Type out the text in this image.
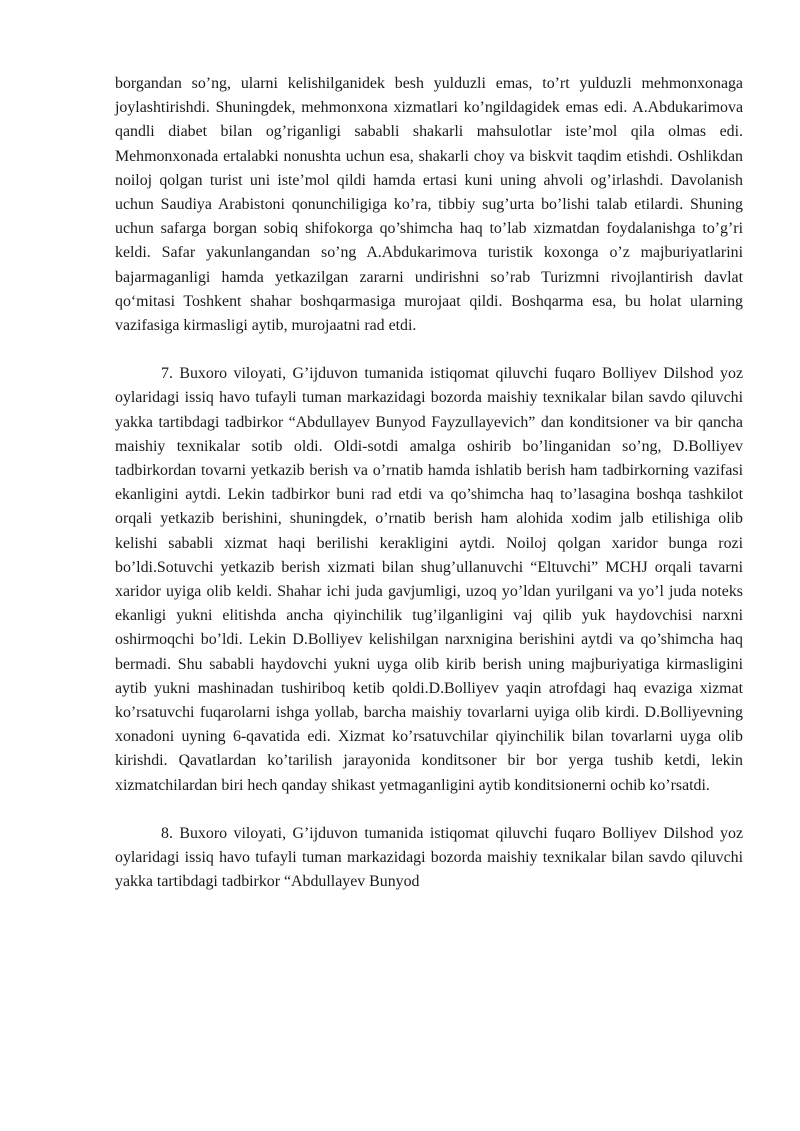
borgandan so’ng, ularni kelishilganidek besh yulduzli emas, to’rt yulduzli mehmonxonaga joylashtirishdi. Shuningdek, mehmonxona xizmatlari ko’ngildagidek emas edi. A.Abdukarimova qandli diabet bilan og’riganligi sababli shakarli mahsulotlar iste’mol qila olmas edi. Mehmonxonada ertalabki nonushta uchun esa, shakarli choy va biskvit taqdim etishdi. Oshlikdan noiloj qolgan turist uni iste’mol qildi hamda ertasi kuni uning ahvoli og’irlashdi. Davolanish uchun Saudiya Arabistoni qonunchiligiga ko’ra, tibbiy sug’urta bo’lishi talab etilardi. Shuning uchun safarga borgan sobiq shifokorga qo’shimcha haq to’lab xizmatdan foydalanishga to’g’ri keldi. Safar yakunlangandan so’ng A.Abdukarimova turistik koxonga o’z majburiyatlarini bajarmaganligi hamda yetkazilgan zararni undirishni so’rab Turizmni rivojlantirish davlat qo‘mitasi Toshkent shahar boshqarmasiga murojaat qildi. Boshqarma esa, bu holat ularning vazifasiga kirmasligi aytib, murojaatni rad etdi.

7. Buxoro viloyati, G’ijduvon tumanida istiqomat qiluvchi fuqaro Bolliyev Dilshod yoz oylaridagi issiq havo tufayli tuman markazidagi bozorda maishiy texnikalar bilan savdo qiluvchi yakka tartibdagi tadbirkor “Abdullayev Bunyod Fayzullayevich” dan konditsioner va bir qancha maishiy texnikalar sotib oldi. Oldi-sotdi amalga oshirib bo’linganidan so’ng, D.Bolliyev tadbirkordan tovarni yetkazib berish va o’rnatib hamda ishlatib berish ham tadbirkorning vazifasi ekanligini aytdi. Lekin tadbirkor buni rad etdi va qo’shimcha haq to’lasagina boshqa tashkilot orqali yetkazib berishini, shuningdek, o’rnatib berish ham alohida xodim jalb etilishiga olib kelishi sababli xizmat haqi berilishi kerakligini aytdi. Noiloj qolgan xaridor bunga rozi bo’ldi.Sotuvchi yetkazib berish xizmati bilan shug’ullanuvchi “Eltuvchi” MCHJ orqali tavarni xaridor uyiga olib keldi. Shahar ichi juda gavjumligi, uzoq yo’ldan yurilgani va yo’l juda noteks ekanligi yukni elitishda ancha qiyinchilik tug’ilganligini vaj qilib yuk haydovchisi narxni oshirmoqchi bo’ldi. Lekin D.Bolliyev kelishilgan narxnigina berishini aytdi va qo’shimcha haq bermadi. Shu sababli haydovchi yukni uyga olib kirib berish uning majburiyatiga kirmasligini aytib yukni mashinadan tushiriboq ketib qoldi.D.Bolliyev yaqin atrofdagi haq evaziga xizmat ko’rsatuvchi fuqarolarni ishga yollab, barcha maishiy tovarlarni uyiga olib kirdi. D.Bolliyevning xonadoni uyning 6-qavatida edi. Xizmat ko’rsatuvchilar qiyinchilik bilan tovarlarni uyga olib kirishdi. Qavatlardan ko’tarilish jarayonida konditsoner bir bor yerga tushib ketdi, lekin xizmatchilardan biri hech qanday shikast yetmaganligini aytib konditsionerni ochib ko’rsatdi.

8. Buxoro viloyati, G’ijduvon tumanida istiqomat qiluvchi fuqaro Bolliyev Dilshod yoz oylaridagi issiq havo tufayli tuman markazidagi bozorda maishiy texnikalar bilan savdo qiluvchi yakka tartibdagi tadbirkor “Abdullayev Bunyod
